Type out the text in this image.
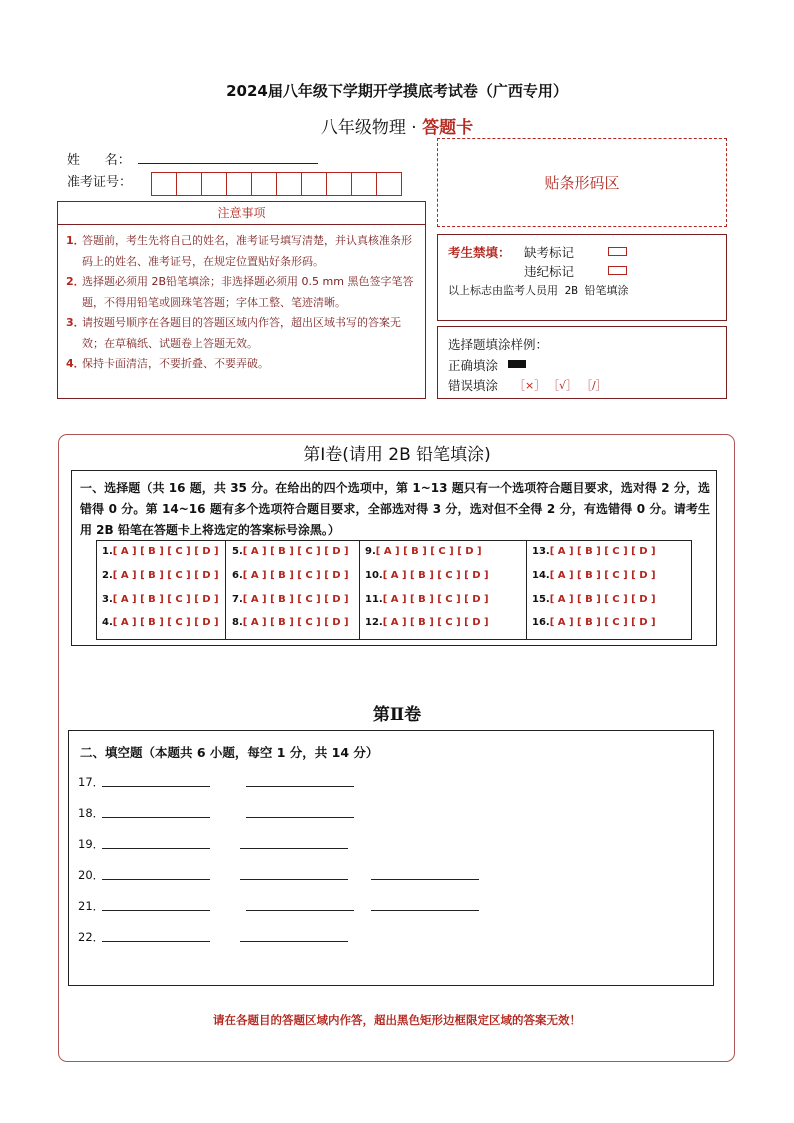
2024届八年级下学期开学摸底考试卷（广西专用）
八年级物理 · 答题卡
姓      名：
准考证号：	贴条形码区
注意事项
1．
答题前，考生先将自己的姓名，准考证号填写清楚，并认真核准条形码上的姓名、准考证号，在规定位置贴好条形码。
2．
选择题必须用 2B铅笔填涂；非选择题必须用 0.5 mm 黑色签字笔答题，不得用铅笔或圆珠笔答题；字体工整、笔迹清晰。
3．
请按题号顺序在各题目的答题区域内作答，超出区域书写的答案无效；在草稿纸、试题卷上答题无效。
4．
保持卡面清洁，不要折叠、不要弄破。
考生禁填： 缺考标记
违纪标记
以上标志由监考人员用 2B 铅笔填涂
选择题填涂样例：
正确填涂
错误填涂 ［×］ ［√］ ［/］
第Ⅰ卷(请用 2B 铅笔填涂)
一、选择题（共 16 题，共 35 分。在给出的四个选项中，第 1~13 题只有一个选项符合题目要求，选对得 2 分，选错得 0 分。第 14~16 题有多个选项符合题目要求，全部选对得 3 分，选对但不全得 2 分，有选错得 0 分。请考生用 2B 铅笔在答题卡上将选定的答案标号涂黑。）
1.[ A ] [ B ] [ C ] [ D ]
2.[ A ] [ B ] [ C ] [ D ]
3.[ A ] [ B ] [ C ] [ D ]
4.[ A ] [ B ] [ C ] [ D ]
5.[ A ] [ B ] [ C ] [ D ]
6.[ A ] [ B ] [ C ] [ D ]
7.[ A ] [ B ] [ C ] [ D ]
8.[ A ] [ B ] [ C ] [ D ]
9.[ A ] [ B ] [ C ] [ D ]
10.[ A ] [ B ] [ C ] [ D ]
11.[ A ] [ B ] [ C ] [ D ]
12.[ A ] [ B ] [ C ] [ D ]
13.[ A ] [ B ] [ C ] [ D ]
14.[ A ] [ B ] [ C ] [ D ]
15.[ A ] [ B ] [ C ] [ D ]
16.[ A ] [ B ] [ C ] [ D ]
第Ⅱ卷
二、填空题（本题共 6 小题，每空 1 分，共 14 分）
17．
18．
19．
20．
21．
22．
请在各题目的答题区域内作答，超出黑色矩形边框限定区域的答案无效！
